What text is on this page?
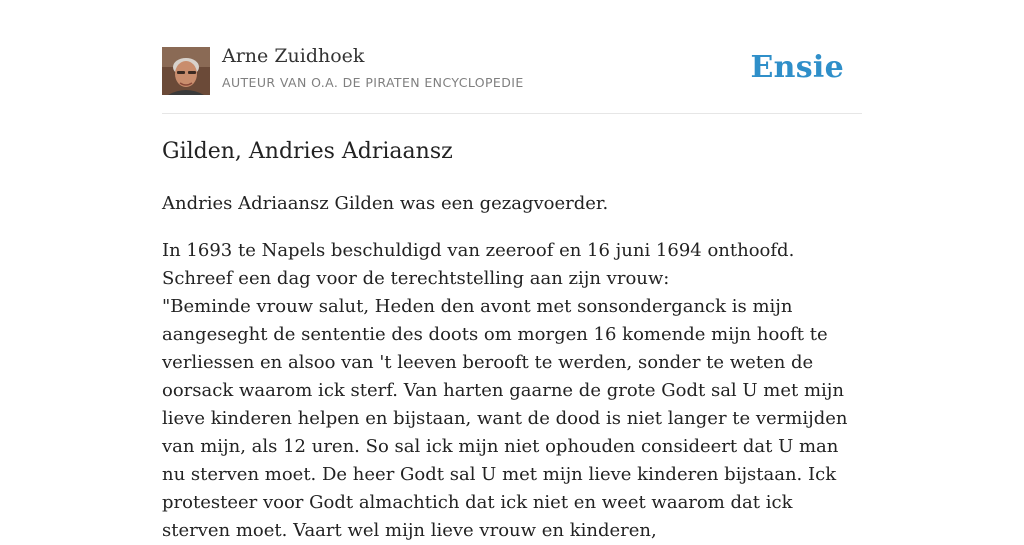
Arne Zuidhoek
AUTEUR VAN O.A. DE PIRATEN ENCYCLOPEDIE	Ensie
Gilden, Andries Adriaansz

Andries Adriaansz Gilden was een gezagvoerder.

In 1693 te Napels beschuldigd van zeeroof en 16 juni 1694 onthoofd. Schreef een dag voor de terechtstelling aan zijn vrouw:
"Beminde vrouw salut, Heden den avont met sonsonderganck is mijn aangeseght de sententie des doots om morgen 16 komende mijn hooft te verliessen en alsoo van 't leeven berooft te werden, sonder te weten de oorsack waarom ick sterf. Van harten gaarne de grote Godt sal U met mijn lieve kinderen helpen en bijstaan, want de dood is niet langer te vermijden van mijn, als 12 uren. So sal ick mijn niet ophouden consideert dat U man nu sterven moet. De heer Godt sal U met mijn lieve kinderen bijstaan. Ick protesteer voor Godt almachtich dat ick niet en weet waarom dat ick sterven moet. Vaart wel mijn lieve vrouw en kinderen,
